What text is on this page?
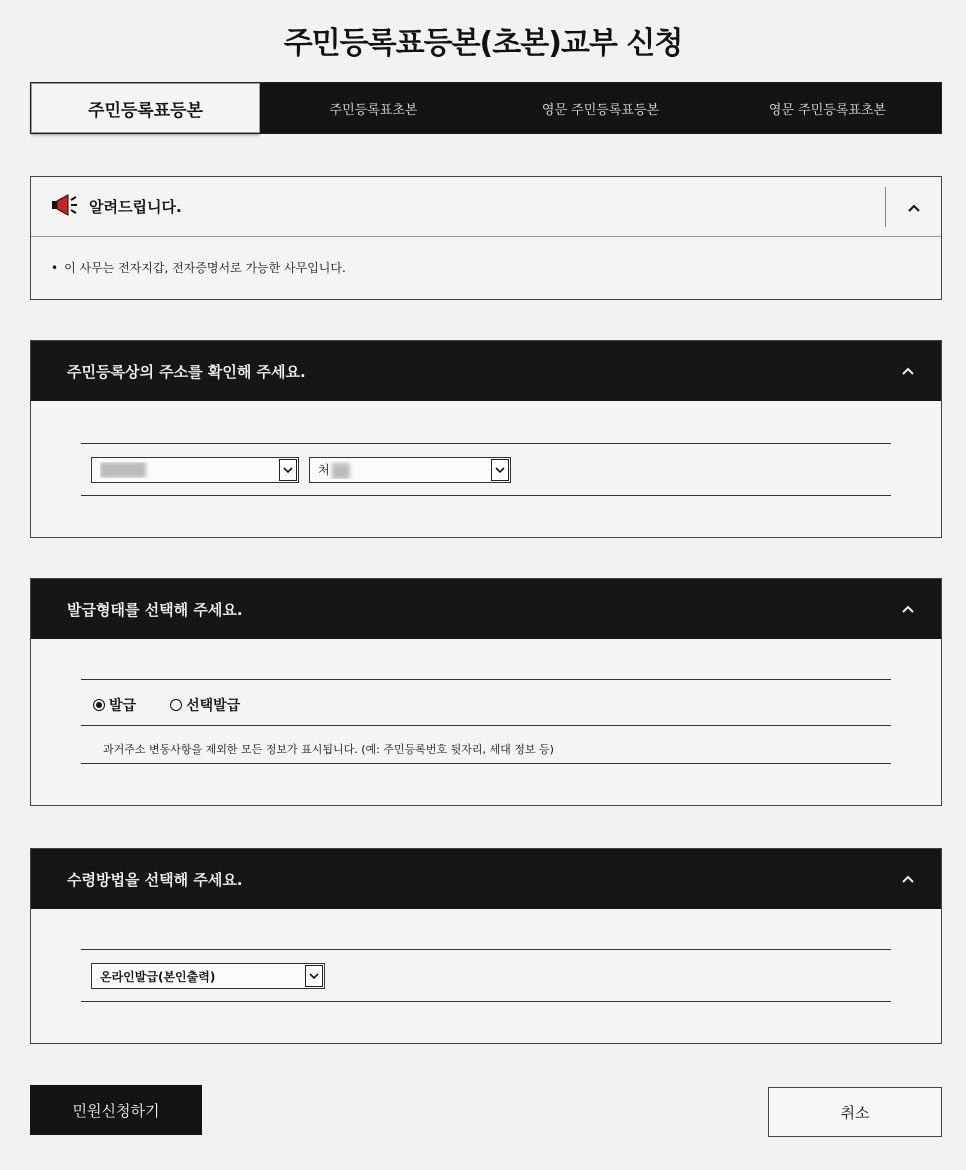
주민등록표등본(초본)교부 신청
주민등록표등본	주민등록표초본	영문 주민등록표등본	영문 주민등록표초본
알려드립니다.
• 이 사무는 전자지갑, 전자증명서로 가능한 사무입니다.
주민등록상의 주소를 확인해 주세요.
처
발급형태를 선택해 주세요.
발급	선택발급
과거주소 변동사항을 제외한 모든 정보가 표시됩니다. (예: 주민등록번호 뒷자리, 세대 정보 등)
수령방법을 선택해 주세요.
온라인발급(본인출력)
민원신청하기	취소
